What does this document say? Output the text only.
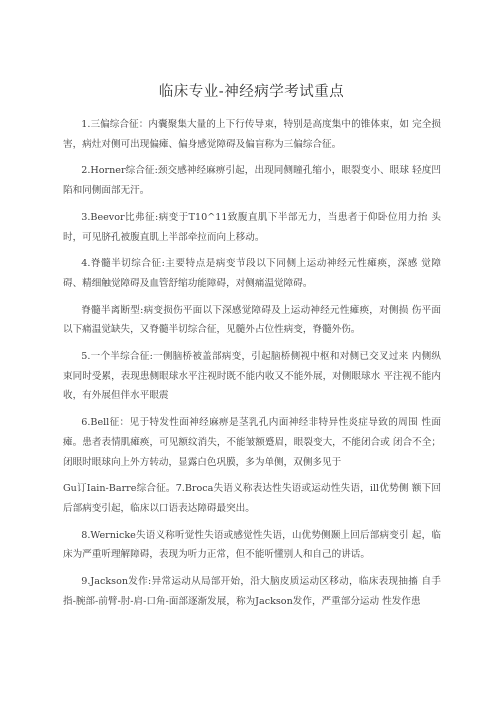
临床专业-神经病学考试重点

1.三偏综合征：内囊聚集大量的上下行传导束，特别是高度集中的锥体束，如 完全损害，病灶对侧可出现偏瘫、偏身感觉障碍及偏盲称为三偏综合征。

2.Horner综合征:颈交感神经麻痹引起，出现同侧瞳孔缩小，眼裂变小、眼球 轻度凹陷和同侧面部无汗。

3.Beevor比弗征:病变于T10^11致腹直肌下半部无力，当患者于仰卧位用力抬 头时，可见脐孔被腹直肌上半部牵拉而向上移动。

4.脊髓半切综合征:主要特点是病变节段以下同侧上运动神经元性瘫痪，深感 觉障碍、精细触觉障碍及血管舒缩功能障碍，对侧痛温觉障碍。

脊髓半离断型:病变损伤平面以下深感觉障碍及上运动神经元性瘫痪，对侧损 伤平面以下痛温觉缺失，又脊髓半切综合征，见髓外占位性病变，脊髓外伤。

5.一个半综合征:一侧脑桥被盖部病变，引起脑桥侧视中枢和对侧已交叉过来 内侧纵束同时受累，表现患侧眼球水平注视时既不能内收又不能外展，对侧眼球水 平注视不能内收，有外展但伴水平眼震

6.Bell征：见于特发性面神经麻痹是茎乳孔内面神经非特异性炎症导致的周围 性面瘫。患者表情肌瘫痪，可见额纹消失，不能皱额蹙眉，眼裂变大，不能闭合或 闭合不全；闭眼时眼球向上外方转动，显露白色巩膜，多为单侧，双侧多见于

Gu订Iain-Barre综合征。7.Broca失语义称表达性失语或运动性失语，ill优势侧 额下回后部病变引起，临床以口语表达障碍最突出。

8.Wernicke失语义称听觉性失语或感觉性失语，山优势侧颞上回后部病变引 起，临床为严重听理解障碍，表现为听力正常，但不能听懂别人和自己的讲话。

9.Jackson发作:异常运动从局部开始，沿大脑皮质运动区移动，临床表现抽搐 自手指-腕部-前臂-肘-肩-口角-面部逐渐发展，称为Jackson发作，严重部分运动 性发作患
